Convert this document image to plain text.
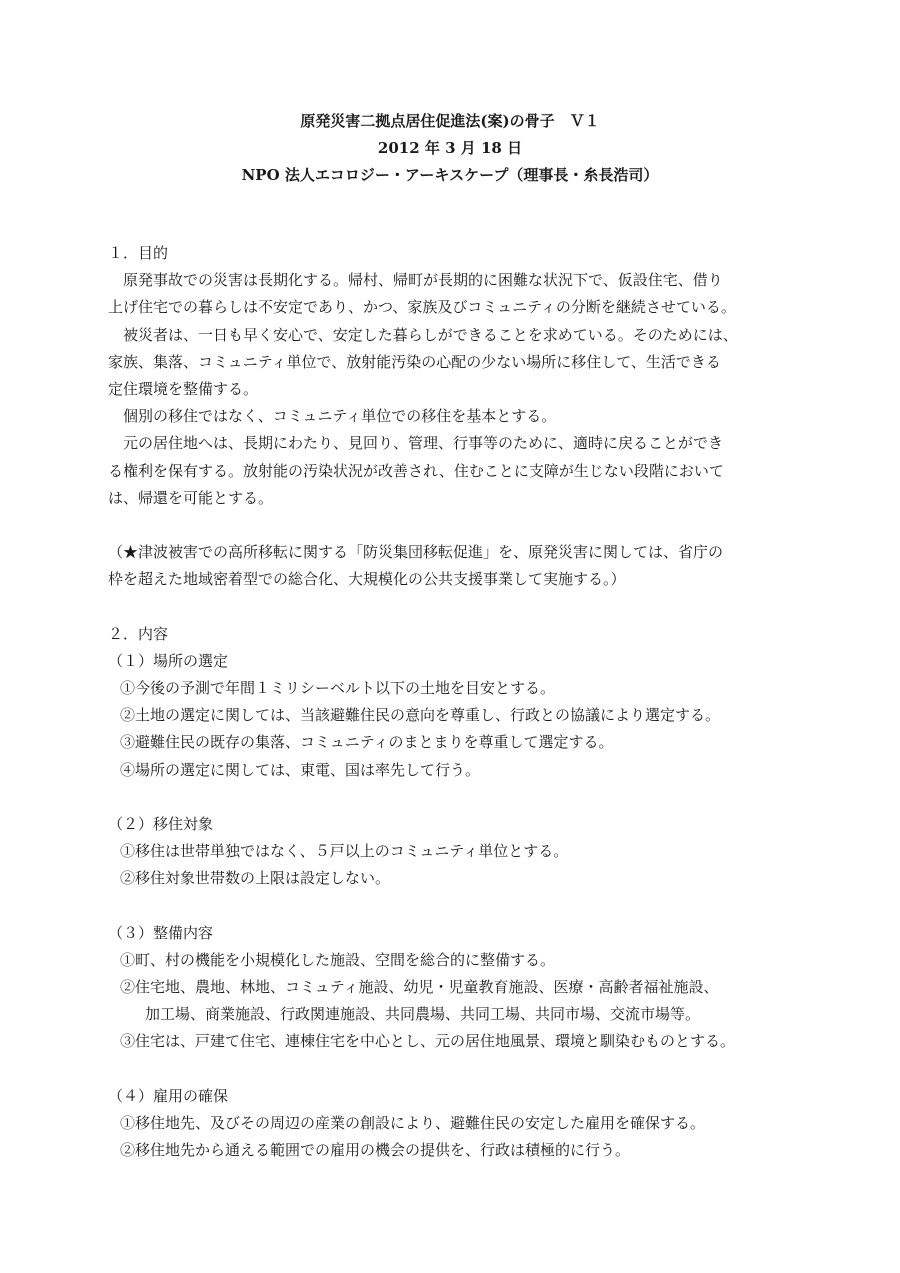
原発災害二拠点居住促進法(案)の骨子　Ｖ１
2012 年 3 月 18 日
NPO 法人エコロジー・アーキスケープ（理事長・糸長浩司）
１．目的
原発事故での災害は長期化する。帰村、帰町が長期的に困難な状況下で、仮設住宅、借り
上げ住宅での暮らしは不安定であり、かつ、家族及びコミュニティの分断を継続させている。
被災者は、一日も早く安心で、安定した暮らしができることを求めている。そのためには、
家族、集落、コミュニティ単位で、放射能汚染の心配の少ない場所に移住して、生活できる
定住環境を整備する。
個別の移住ではなく、コミュニティ単位での移住を基本とする。
元の居住地へは、長期にわたり、見回り、管理、行事等のために、適時に戻ることができ
る権利を保有する。放射能の汚染状況が改善され、住むことに支障が生じない段階において
は、帰還を可能とする。
（★津波被害での高所移転に関する「防災集団移転促進」を、原発災害に関しては、省庁の
枠を超えた地域密着型での総合化、大規模化の公共支援事業して実施する。）
２．内容
（１）場所の選定
①今後の予測で年間１ミリシーベルト以下の土地を目安とする。
②土地の選定に関しては、当該避難住民の意向を尊重し、行政との協議により選定する。
③避難住民の既存の集落、コミュニティのまとまりを尊重して選定する。
④場所の選定に関しては、東電、国は率先して行う。
（２）移住対象
①移住は世帯単独ではなく、５戸以上のコミュニティ単位とする。
②移住対象世帯数の上限は設定しない。
（３）整備内容
①町、村の機能を小規模化した施設、空間を総合的に整備する。
②住宅地、農地、林地、コミュティ施設、幼児・児童教育施設、医療・高齢者福祉施設、
加工場、商業施設、行政関連施設、共同農場、共同工場、共同市場、交流市場等。
③住宅は、戸建て住宅、連棟住宅を中心とし、元の居住地風景、環境と馴染むものとする。
（４）雇用の確保
①移住地先、及びその周辺の産業の創設により、避難住民の安定した雇用を確保する。
②移住地先から通える範囲での雇用の機会の提供を、行政は積極的に行う。
